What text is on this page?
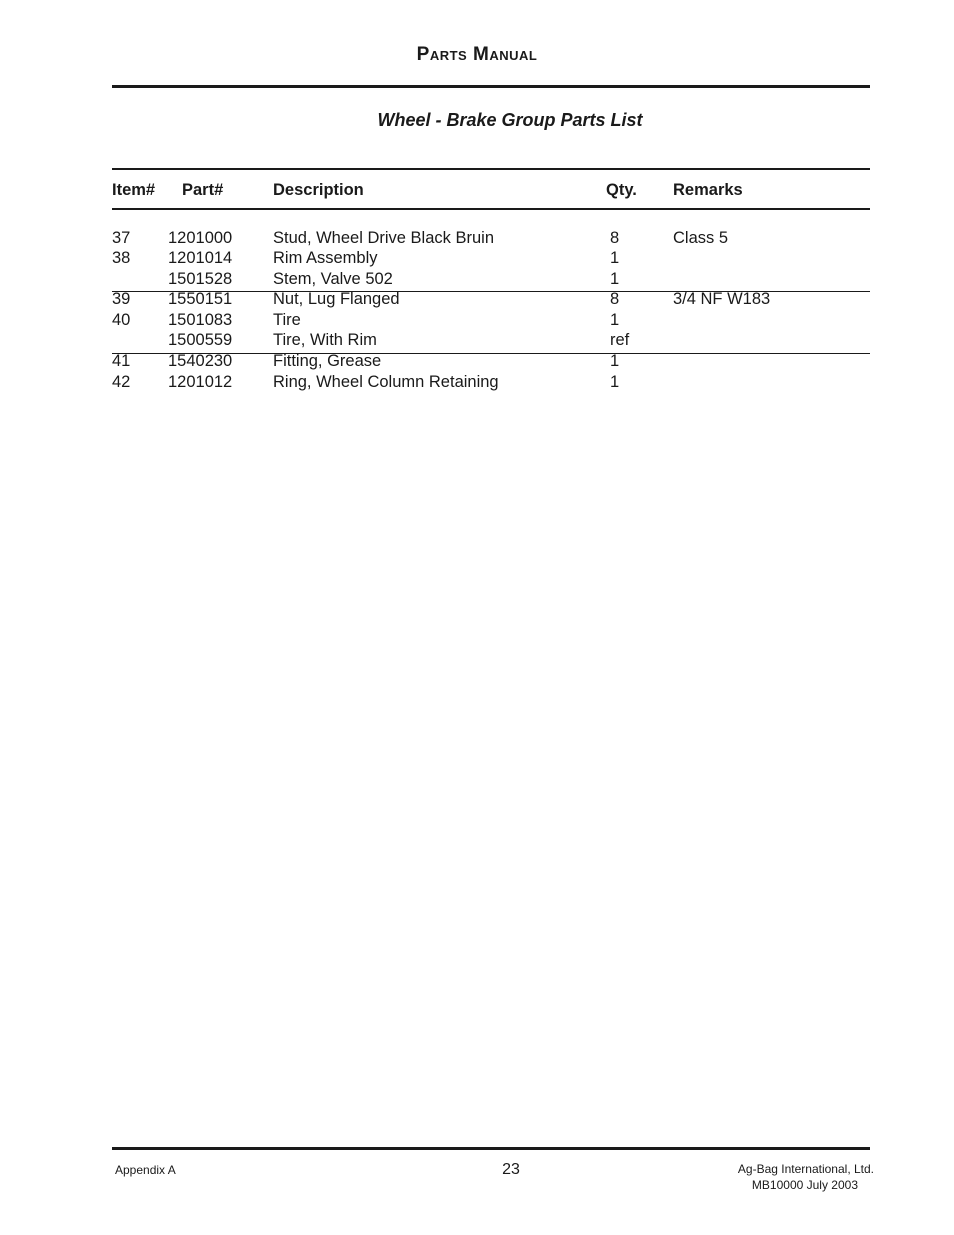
Parts Manual
Wheel - Brake Group Parts List
Item# Part#	Description	Qty. Remarks
37 1201000 Stud, Wheel Drive Black Bruin	8	Class 5
38 1201014 Rim Assembly	1
1501528 Stem, Valve 502	1
39 1550151 Nut, Lug Flanged	8	3/4 NF W183
40 1501083 Tire	1
1500559 Tire, With Rim	ref
41 1540230 Fitting, Grease	1
42 1201012 Ring, Wheel Column Retaining	1
Appendix A	23	Ag-Bag International, Ltd.
MB10000 July 2003
